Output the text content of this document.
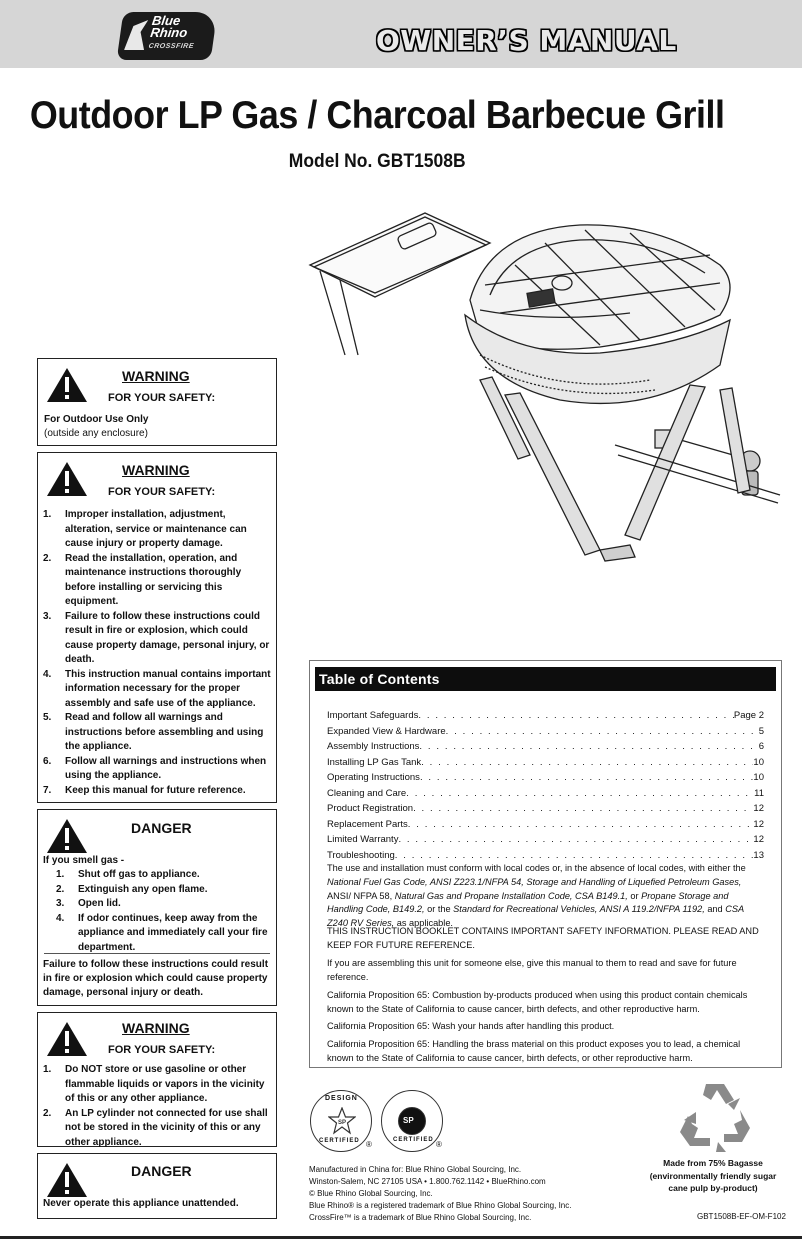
Blue
Rhino
CROSSFIRE	OWNER’S MANUAL
Outdoor LP Gas / Charcoal Barbecue Grill
Model No. GBT1508B
WARNING
FOR YOUR SAFETY:
For Outdoor Use Only
(outside any enclosure)
WARNING
FOR YOUR SAFETY:
1. Improper installation, adjustment, alteration, service or maintenance can cause injury or property damage.
2. Read the installation, operation, and maintenance instructions thoroughly before installing or servicing this equipment.
3. Failure to follow these instructions could result in fire or explosion, which could cause property damage, personal injury, or death.
4. This instruction manual contains important information necessary for the proper assembly and safe use of the appliance.
5. Read and follow all warnings and instructions before assembling and using the appliance.
6. Follow all warnings and instructions when using the appliance.
7. Keep this manual for future reference.
DANGER
If you smell gas -
1. Shut off gas to appliance.
2. Extinguish any open flame.
3. Open lid.
4. If odor continues, keep away from the appliance and immediately call your fire department.
Failure to follow these instructions could result in fire or explosion which could cause property damage, personal injury or death.
WARNING
FOR YOUR SAFETY:
1. Do NOT store or use gasoline or other flammable liquids or vapors in the vicinity of this or any other appliance.
2. An LP cylinder not connected for use shall not be stored in the vicinity of this or any other appliance.
DANGER
Never operate this appliance unattended.
Table of Contents
Important Safeguards . . .	Page 2
Expanded View & Hardware . . .	5
Assembly Instructions . . .	6
Installing LP Gas Tank . . .	10
Operating Instructions . . .	10
Cleaning and Care . . .	11
Product Registration . . .	12
Replacement Parts . . .	12
Limited Warranty . . .	12
Troubleshooting . . .	13
The use and installation must conform with local codes or, in the absence of local codes, with either the National Fuel Gas Code, ANSI Z223.1/NFPA 54, Storage and Handling of Liquefied Petroleum Gases, ANSI/ NFPA 58, Natural Gas and Propane Installation Code, CSA B149.1, or Propane Storage and Handling Code, B149.2, or the Standard for Recreational Vehicles, ANSI A 119.2/NFPA 1192, and CSA Z240 RV Series, as applicable.
THIS INSTRUCTION BOOKLET CONTAINS IMPORTANT SAFETY INFORMATION. PLEASE READ AND KEEP FOR FUTURE REFERENCE.
If you are assembling this unit for someone else, give this manual to them to read and save for future reference.
California Proposition 65: Combustion by-products produced when using this product contain chemicals known to the State of California to cause cancer, birth defects, and other reproductive harm.
California Proposition 65: Wash your hands after handling this product.
California Proposition 65: Handling the brass material on this product exposes you to lead, a chemical known to the State of California to cause cancer, birth defects, or other reproductive harm.
DESIGN
SP
CERTIFIED ®
SP
CERTIFIED ®
Manufactured in China for: Blue Rhino Global Sourcing, Inc.
Winston-Salem, NC 27105 USA • 1.800.762.1142 • BlueRhino.com
© Blue Rhino Global Sourcing, Inc.
Blue Rhino® is a registered trademark of Blue Rhino Global Sourcing, Inc.
CrossFire™ is a trademark of Blue Rhino Global Sourcing, Inc.
Made from 75% Bagasse
(environmentally friendly sugar
cane pulp by-product)
GBT1508B-EF-OM-F102
